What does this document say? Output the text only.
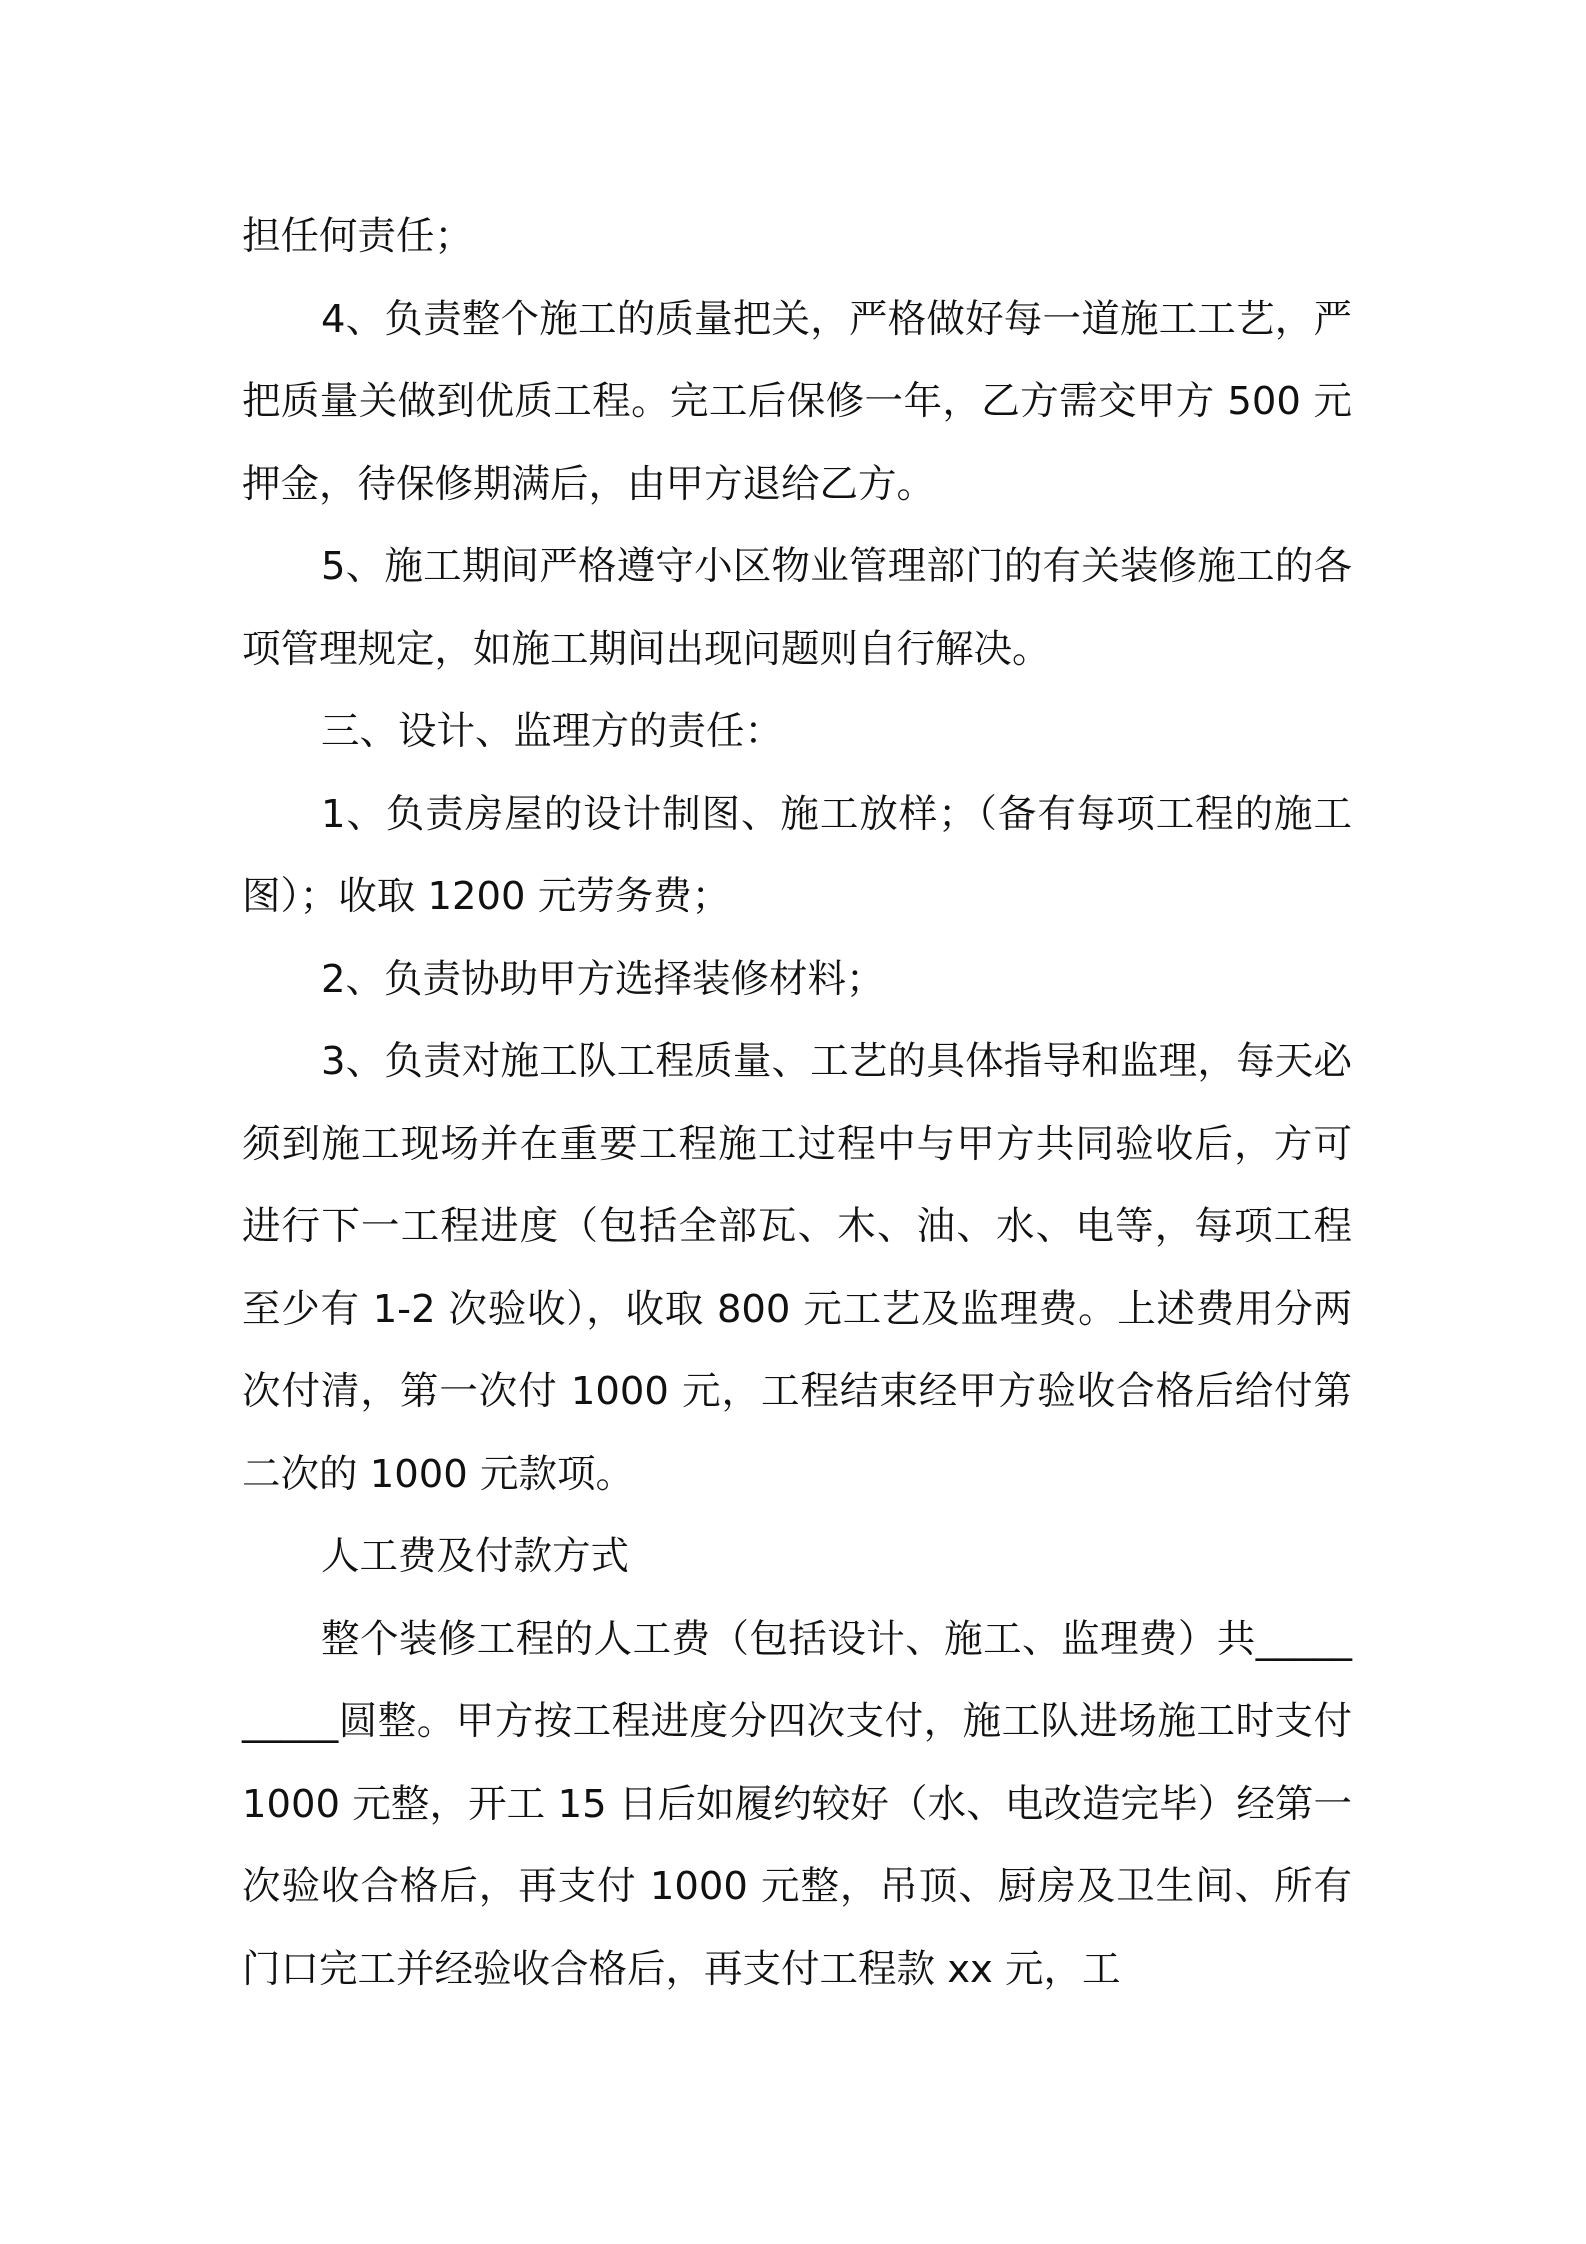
担任何责任；

4、负责整个施工的质量把关，严格做好每一道施工工艺，严把质量关做到优质工程。完工后保修一年，乙方需交甲方 500 元押金，待保修期满后，由甲方退给乙方。

5、施工期间严格遵守小区物业管理部门的有关装修施工的各项管理规定，如施工期间出现问题则自行解决。

三、设计、监理方的责任：

1、负责房屋的设计制图、施工放样；（备有每项工程的施工图）；收取 1200 元劳务费；

2、负责协助甲方选择装修材料；

3、负责对施工队工程质量、工艺的具体指导和监理，每天必须到施工现场并在重要工程施工过程中与甲方共同验收后，方可进行下一工程进度（包括全部瓦、木、油、水、电等，每项工程至少有 1-2 次验收），收取 800 元工艺及监理费。上述费用分两次付清，第一次付 1000 元，工程结束经甲方验收合格后给付第二次的 1000 元款项。

人工费及付款方式

整个装修工程的人工费（包括设计、施工、监理费）共__________圆整。甲方按工程进度分四次支付，施工队进场施工时支付 1000 元整，开工 15 日后如履约较好（水、电改造完毕）经第一次验收合格后，再支付 1000 元整，吊顶、厨房及卫生间、所有门口完工并经验收合格后，再支付工程款 xx 元，工
